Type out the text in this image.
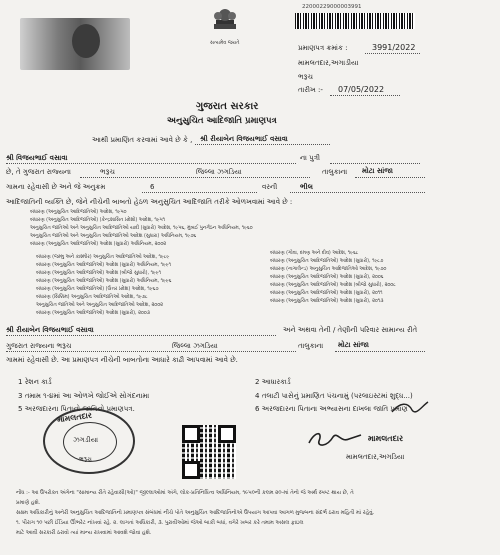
સત્યમેવ જયતે
22000229000003991
પ્રમાણપત્ર ક્રમાંક :	3991/2022
મામલતદાર,અગાડીયા
ભરૂચ
તારીખ :- 07/05/2022
ગુજરાત સરકાર
અનુસુચિત આદિજાતિ પ્રમાણપત્ર
આથી પ્રમાણિત કરવામાં આવે છે કે , શ્રી રીયાબેન વિજયભાઈ વસાવા
શ્રી વિજયભાઈ વસાવા	ના પુત્રી
છે, તે ગુજરાત રાજ્યના	ભરૂચ	જિલ્લા ઝગડિયા	તાલુકાના મોટા સાંજા
ગામના રહેવાસી છે અને જે અનુક્રમ	6	વરની	ભીલ
આદિજાતિની વ્યક્તિ છે, જેને નીચેની બાબતો હેઠળ અનુસુચિત આદિજાતિ તરીકે ઓળખવામાં આવે છે :
બંધારણ (અનુસુચિત આદિજાતિઓ) આદેશ, ૧૯૫૦
બંધારણ (અનુસુચિત આદિજાતિઓ) (કેન્દ્રશાસિત પ્રદેશો) આદેશ, ૧૯૫૧
અનુસુચિત જાતિઓ અને અનુસુચિત આદિજાતિઓ યાદી (સુધારો) આદેશ, ૧૯૫૬, મુંબઈ પુનર્ગઠન અધિનિયમ, ૧૯૬૦
અનુસુચિત જાતિઓ અને અનુસુચિત આદિજાતિઓ આદેશ (સુધારા) અધિનિયમ, ૧૯૭૬
બંધારણ (અનુસુચિત આદિજાતિઓ) આદેશ (સુધારો) અધિનિયમ, ૨૦૦૨
બંધારણ (જમ્મુ અને કાશ્મીર) અનુસુચિત આદિજાતિઓ આદેશ, ૧૯૮૯
બંધારણ (અનુસુચિત આદિજાતિઓ) આદેશ (સુધારો) અધિનિયમ, ૧૯૯૧
બંધારણ (અનુસુચિત આદિજાતિઓ) આદેશ (બીજો સુધારો), ૧૯૯૧
બંધારણ (અનુસુચિત આદિજાતિઓ) આદેશ (સુધારો) અધિનિયમ, ૧૯૯૬
બંધારણ (અનુસુચિત આદિજાતિઓ) (ઉત્તર પ્રદેશ) આદેશ, ૧૯૬૭
બંધારણ (સિક્કિમ) અનુસુચિત આદિજાતિઓ આદેશ, ૧૯૭૮
અનુસુચિત જાતિઓ અને અનુસુચિત આદિજાતિઓ આદેશ, ૨૦૦૨
બંધારણ (અનુસુચિત આદિજાતિઓ) આદેશ (સુધારો), ૨૦૦૩
બંધારણ (ગોવા, દમણ અને દીવ) આદેશ, ૧૯૬૮
બંધારણ (અનુસુચિત આદિજાતિઓ) આદેશ (સુધારો), ૧૯૮૭
બંધારણ (નાગાલેન્ડ) અનુસુચિત આદિજાતિઓ આદેશ, ૧૯૭૦
બંધારણ (અનુસુચિત આદિજાતિઓ) આદેશ (સુધારો), ૨૦૦૬
બંધારણ (અનુસુચિત આદિજાતિઓ) આદેશ (બીજો સુધારો), ૨૦૦૮
બંધારણ (અનુસુચિત આદિજાતિઓ) આદેશ (સુધારો), ૨૦૧૧
બંધારણ (અનુસુચિત આદિજાતિઓ) આદેશ (સુધારો), ૨૦૧૩
શ્રી રીયાબેન વિજયભાઈ વસાવા	અને અથવા તેની / તેણીની પરિવાર સામાન્ય રીતે
ગુજરાત રાજ્યના ભરૂચ	જિલ્લા ઝગડિયા	તાલુકાના મોટા સાંજા
ગામમાં રહેવાસી છે. આ પ્રમાણપત્ર નીચેની બાબતોના આધારે કાઢી આપવામાં આવે છે.
1 રેશન કાર્ડ	2 આધારકાર્ડ
3 તમામ ૧-૪માં આ ઓળખે જોઈએ સોગંદનામા	4 તલાટી પાસેનું પ્રમાણિત પંચનામું (પરલાઇસ્ટમાં શુદ્ધ...)
5 અરજદારના પિતાનો જાતિનો પ્રમાણપત્ર.	6 અરજદારના પિતાના અભ્યાસના દાખલા જાતિ પ્રમાણ
મામલતદાર
ઝગડીયા
ભરૂચ
મામલતદાર
મામલતદાર,અગડિયા
નોંધ :- આ ઉપરોક્ત અંગેના "સામાન્ય રીતે રહેવાસી(ઓ)" જીલ્લાઓમાં અંગે, લોક-પ્રતિનિધિત્વ અધિનિયમ, ૧૯૫૦ની કલમ ૨૦-માં તેનો જે અર્થ સ્પષ્ટ થાય છે, તે
પ્રમાણે હશે.
સક્ષમ અધિકારીનું અનેરી અનુસુચિત આદિજાતિનો પ્રમાણપત્ર સંબંધમાં નીચે પોતે અનુસુચિત આદિજાતિનોએ ઉપયાગ આપવા આગળ મુજબના સંદર્ભ ઠરાવ મહિતી માં રહેવું.
૧. પીરાગ ૧૦ પછી ઈંડિયા ઊંભરેટ નાંખવાં રહે. ૨. લાગતાં અધિકારી, ૩. પુરાવીઓમાં જેઓ બાકી બધાં, વગેરે ખબર કરે તમામ અસલ ફાઇલ
માટે આવી સરકારી ઠરાવો ત્યાં માન્ય રાખવામાં આવશે જોવા હશે.
